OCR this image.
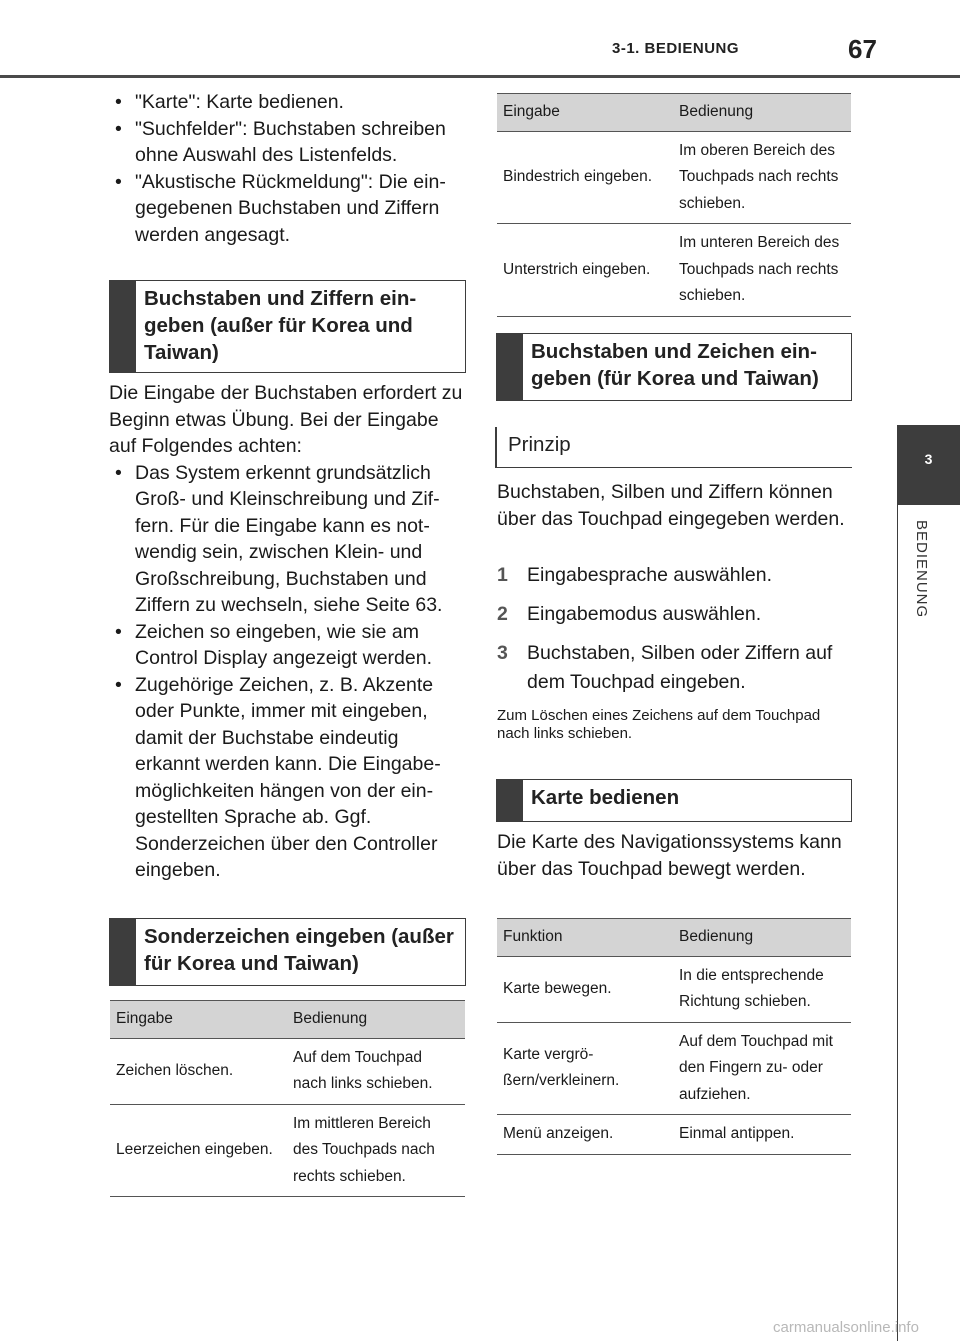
3-1. BEDIENUNG	67
3
BEDIENUNG
• "Karte": Karte bedienen.
• "Suchfelder": Buchstaben schreiben ohne Auswahl des Listenfelds.
• "Akustische Rückmeldung": Die eingegebenen Buchstaben und Ziffern werden angesagt.
Buchstaben und Ziffern eingeben (außer für Korea und Taiwan)

Die Eingabe der Buchstaben erfordert zu Beginn etwas Übung. Bei der Eingabe auf Folgendes achten:

• Das System erkennt grundsätzlich Groß- und Kleinschreibung und Ziffern. Für die Eingabe kann es notwendig sein, zwischen Klein- und Großschreibung, Buchstaben und Ziffern zu wechseln, siehe Seite 63.
• Zeichen so eingeben, wie sie am Control Display angezeigt werden.
• Zugehörige Zeichen, z. B. Akzente oder Punkte, immer mit eingeben, damit der Buchstabe eindeutig erkannt werden kann. Die Eingabemöglichkeiten hängen von der eingestellten Sprache ab. Ggf. Sonderzeichen über den Controller eingeben.
Sonderzeichen eingeben (außer für Korea und Taiwan)
Eingabe	Bedienung
Zeichen löschen.	Auf dem Touchpad nach links schieben.
Leerzeichen eingeben.	Im mittleren Bereich des Touchpads nach rechts schieben.
Eingabe	Bedienung
Bindestrich eingeben.	Im oberen Bereich des Touchpads nach rechts schieben.
Unterstrich eingeben.	Im unteren Bereich des Touchpads nach rechts schieben.
Buchstaben und Zeichen eingeben (für Korea und Taiwan)
Prinzip

Buchstaben, Silben und Ziffern können über das Touchpad eingegeben werden.

1 Eingabesprache auswählen.
2 Eingabemodus auswählen.
3 Buchstaben, Silben oder Ziffern auf dem Touchpad eingeben.

Zum Löschen eines Zeichens auf dem Touchpad nach links schieben.

Karte bedienen

Die Karte des Navigationssystems kann über das Touchpad bewegt werden.

Funktion	Bedienung
Karte bewegen.	In die entsprechende Richtung schieben.
Karte vergrößern/verkleinern.	Auf dem Touchpad mit den Fingern zu- oder aufziehen.
Menü anzeigen.	Einmal antippen.
carmanualsonline.info
